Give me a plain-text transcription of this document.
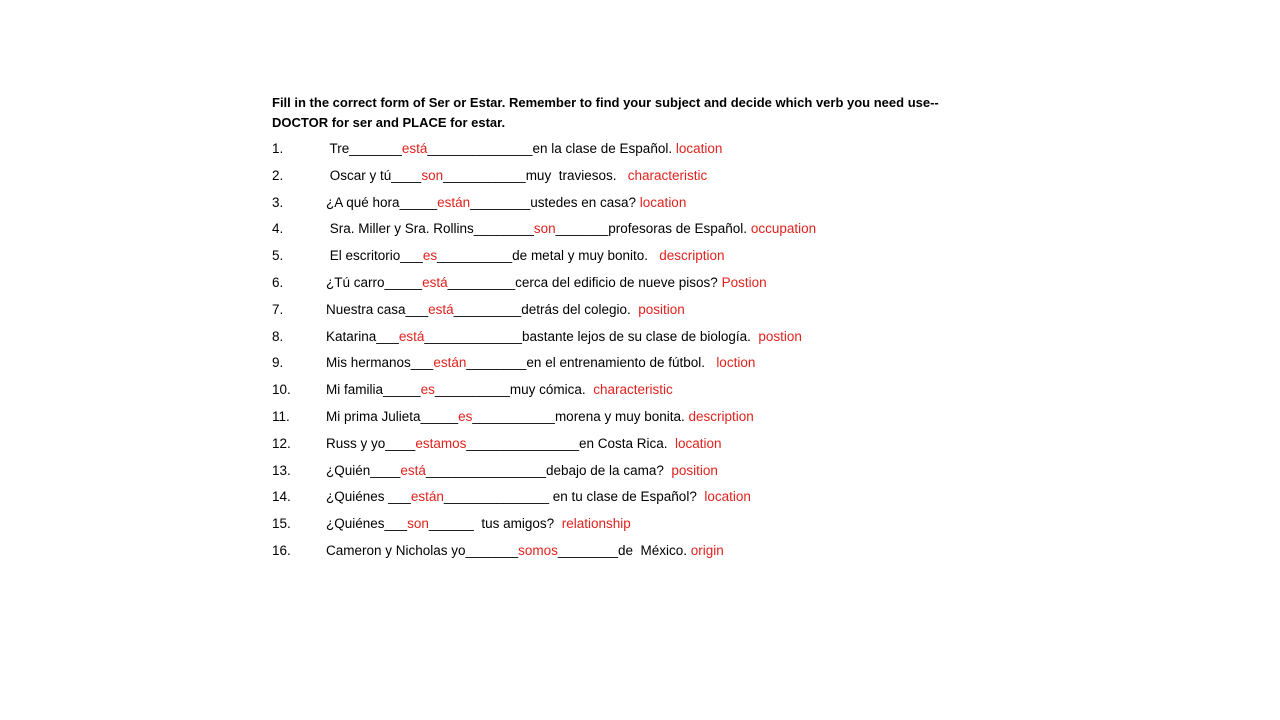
Fill in the correct form of Ser or Estar. Remember to find your subject and decide which verb you need use--
DOCTOR for ser and PLACE for estar.
1.	Tre_______está______________en la clase de Español. location
2.	Oscar y tú____son___________muy  traviesos.   characteristic
3.	¿A qué hora_____están________ustedes en casa? location
4.	Sra. Miller y Sra. Rollins________son_______profesoras de Español. occupation
5.	El escritorio___es__________de metal y muy bonito.   description
6.	¿Tú carro_____está_________cerca del edificio de nueve pisos? Postion
7.	Nuestra casa___está_________detrás del colegio.  position
8.	Katarina___está_____________bastante lejos de su clase de biología.  postion
9.	Mis hermanos___están________en el entrenamiento de fútbol.   loction
10.	Mi familia_____es__________muy cómica.  characteristic
11.	Mi prima Julieta_____es___________morena y muy bonita. description
12.	Russ y yo____estamos_______________en Costa Rica.  location
13.	¿Quién____está________________debajo de la cama?  position
14.	¿Quiénes ___están______________ en tu clase de Español?  location
15.	¿Quiénes___son______  tus amigos?  relationship
16.	Cameron y Nicholas yo_______somos________de  México. origin
